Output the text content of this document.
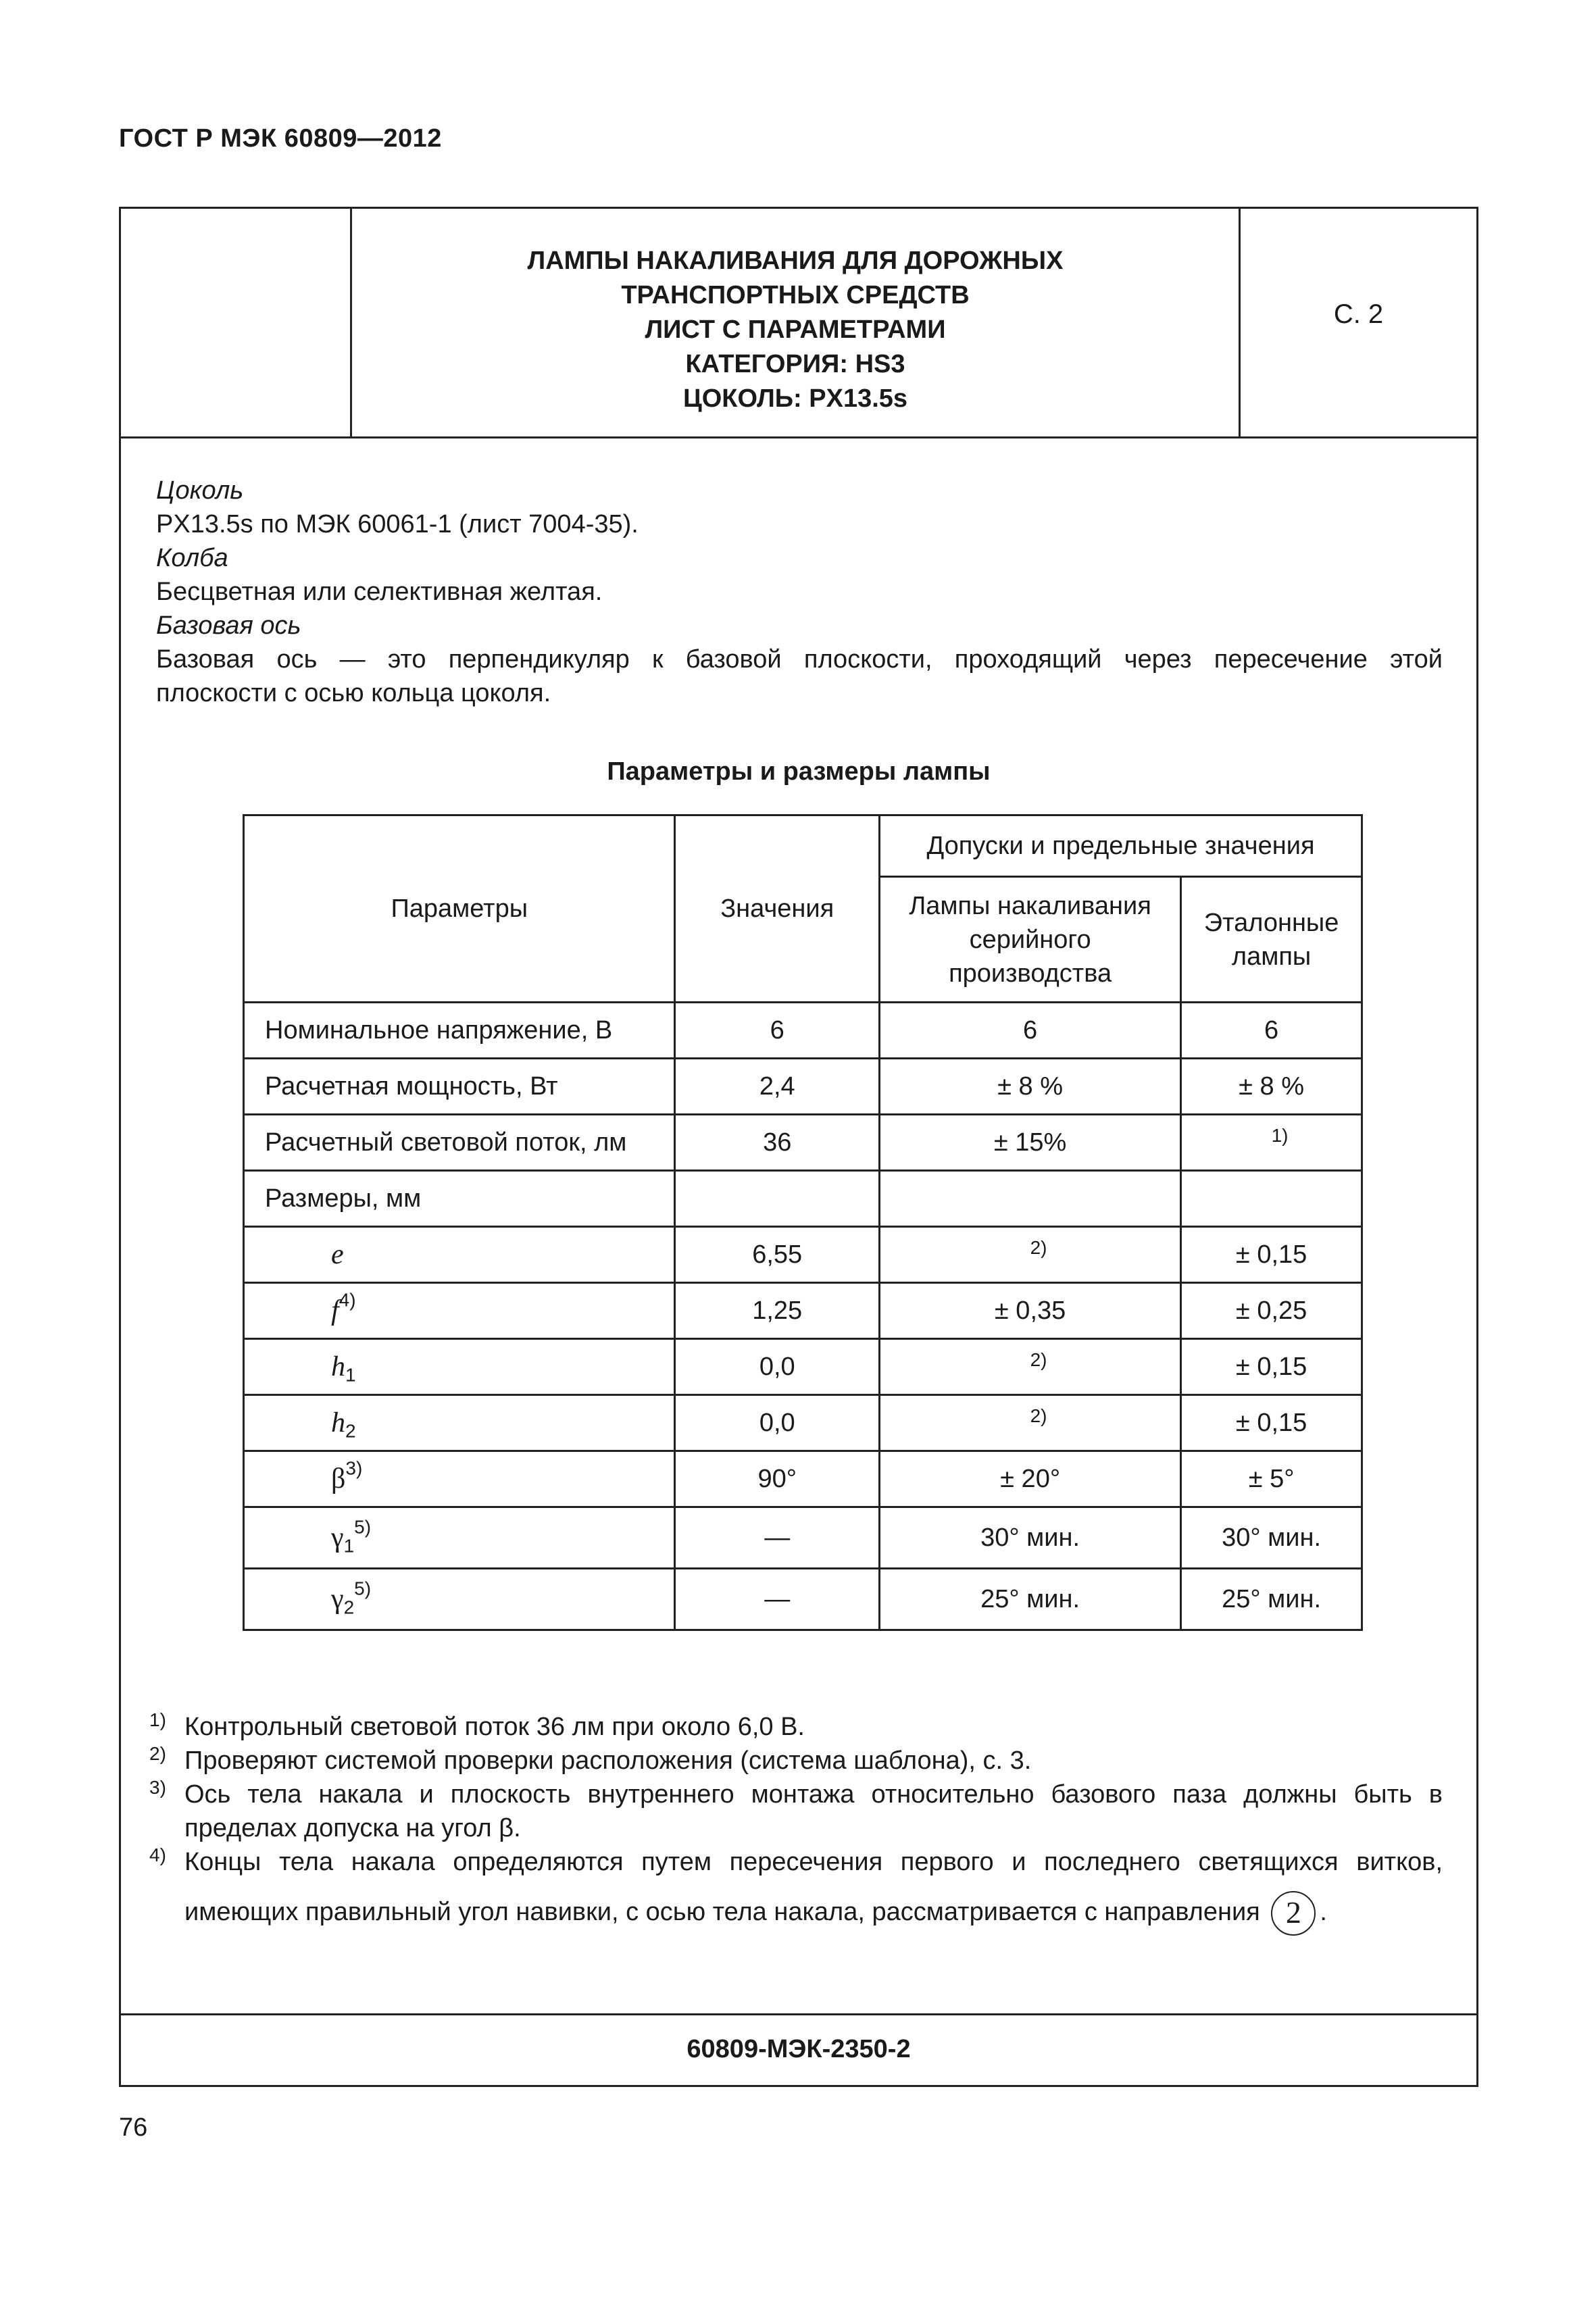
ГОСТ Р МЭК 60809—2012
ЛАМПЫ НАКАЛИВАНИЯ ДЛЯ ДОРОЖНЫХ
ТРАНСПОРТНЫХ СРЕДСТВ
ЛИСТ С ПАРАМЕТРАМИ
КАТЕГОРИЯ: HS3
ЦОКОЛЬ: PX13.5s
С. 2
Цоколь
PX13.5s по МЭК 60061-1 (лист 7004-35).
Колба
Бесцветная или селективная желтая.
Базовая ось
Базовая ось — это перпендикуляр к базовой плоскости, проходящий через пересечение этой
плоскости с осью кольца цоколя.
Параметры и размеры лампы
Параметры	Значения	Допуски и предельные значения	
		Лампы накаливания серийного производства	Эталонные лампы
Номинальное напряжение, В	6	6	6
Расчетная мощность, Вт	2,4	± 8 %	± 8 %
Расчетный световой поток, лм	36	± 15%	1)

Размеры, мм			
e	6,55	2)	± 0,15
$f^{4)}$	1,25	± 0,35	± 0,25
$h_1$	0,0	2)	± 0,15
$h_2$	0,0	2)	± 0,15
$\beta^{3)}$	90°	± 20°	± 5°
$\gamma_1^{5)}$	—	30° мин.	30° мин.
$\gamma_2^{5)}$	—	25° мин.	25° мин.
1) Контрольный световой поток 36 лм при около 6,0 В.
2) Проверяют системой проверки расположения (система шаблона), с. 3.
3) Ось тела накала и плоскость внутреннего монтажа относительно базового паза должны быть в пределах допуска на угол β.
4) Концы тела накала определяются путем пересечения первого и последнего светящихся витков,
имеющих правильный угол навивки, с осью тела накала, рассматривается с направления 2 .
60809-МЭК-2350-2
76
